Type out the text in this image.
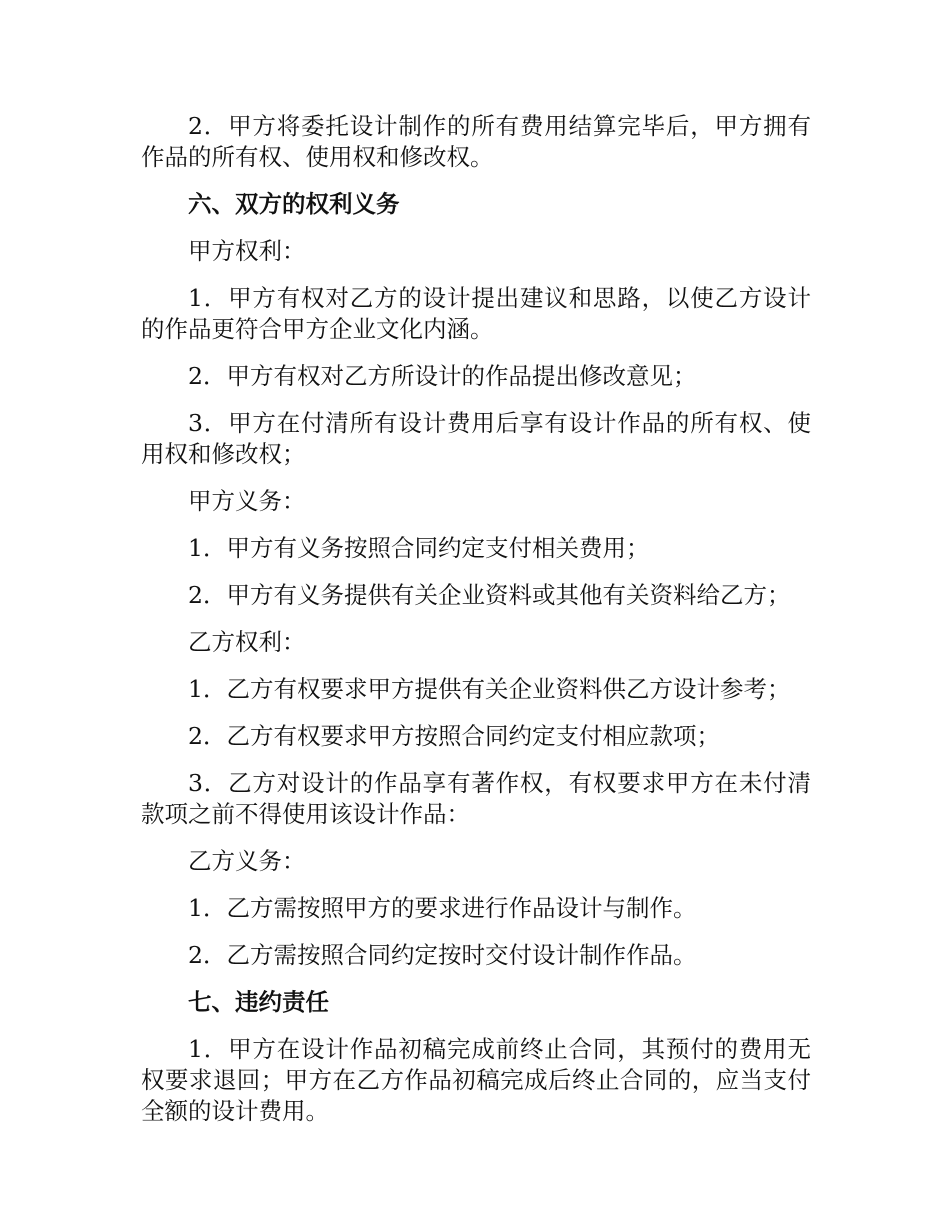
2．甲方将委托设计制作的所有费用结算完毕后，甲方拥有作品的所有权、使用权和修改权。

六、双方的权利义务

甲方权利：

1．甲方有权对乙方的设计提出建议和思路，以使乙方设计的作品更符合甲方企业文化内涵。

2．甲方有权对乙方所设计的作品提出修改意见；

3．甲方在付清所有设计费用后享有设计作品的所有权、使用权和修改权；

甲方义务：

1．甲方有义务按照合同约定支付相关费用；

2．甲方有义务提供有关企业资料或其他有关资料给乙方；

乙方权利：

1．乙方有权要求甲方提供有关企业资料供乙方设计参考；

2．乙方有权要求甲方按照合同约定支付相应款项；

3．乙方对设计的作品享有著作权，有权要求甲方在未付清款项之前不得使用该设计作品：

乙方义务：

1．乙方需按照甲方的要求进行作品设计与制作。

2．乙方需按照合同约定按时交付设计制作作品。

七、违约责任

1．甲方在设计作品初稿完成前终止合同，其预付的费用无权要求退回；甲方在乙方作品初稿完成后终止合同的，应当支付全额的设计费用。
